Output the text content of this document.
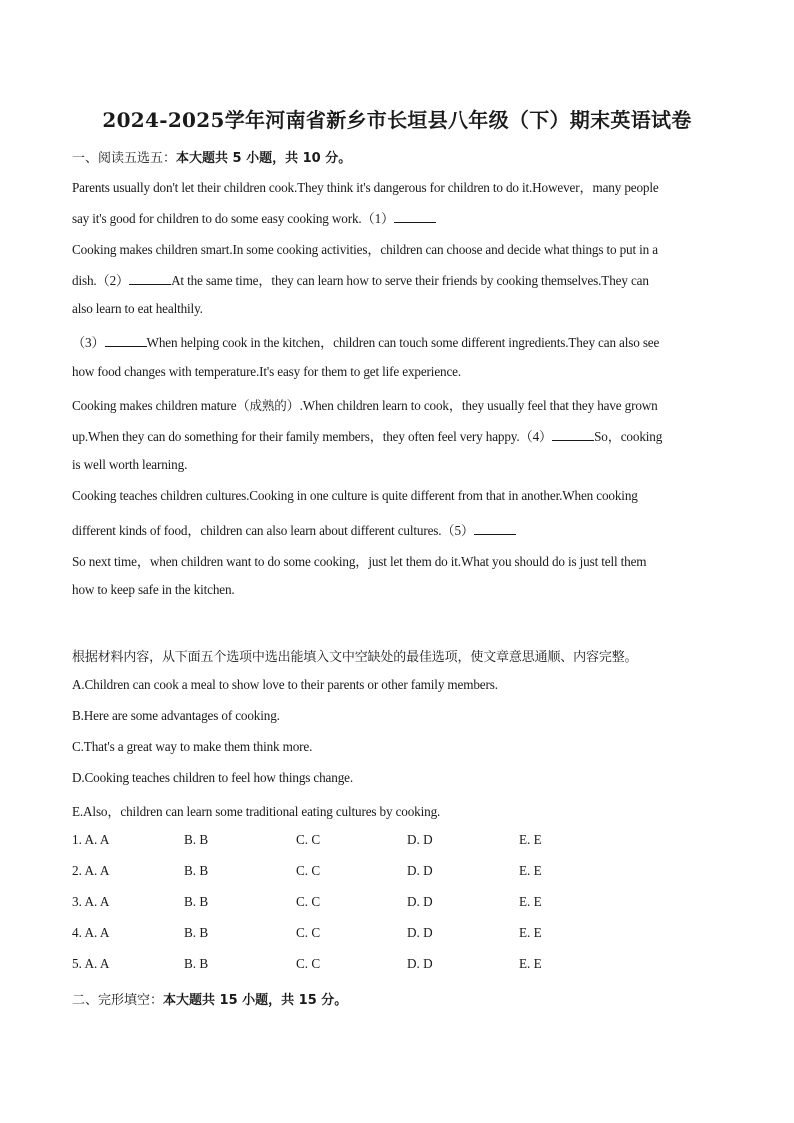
2024-2025学年河南省新乡市长垣县八年级（下）期末英语试卷
一、阅读五选五：本大题共 5 小题，共 10 分。
Parents usually don't let their children cook.They think it's dangerous for children to do it.However，many people
say it's good for children to do some easy cooking work.（1）
Cooking makes children smart.In some cooking activities，children can choose and decide what things to put in a
dish.（2）	At the same time，they can learn how to serve their friends by cooking themselves.They can
also learn to eat healthily.
（3）	When helping cook in the kitchen，children can touch some different ingredients.They can also see
how food changes with temperature.It's easy for them to get life experience.
Cooking makes children mature（成熟的）.When children learn to cook，they usually feel that they have grown
up.When they can do something for their family members，they often feel very happy.（4）	So，cooking
is well worth learning.
Cooking teaches children cultures.Cooking in one culture is quite different from that in another.When cooking
different kinds of food，children can also learn about different cultures.（5）
So next time，when children want to do some cooking，just let them do it.What you should do is just tell them
how to keep safe in the kitchen.
根据材料内容，从下面五个选项中选出能填入文中空缺处的最佳选项，使文章意思通顺、内容完整。
A.Children can cook a meal to show love to their parents or other family members.
B.Here are some advantages of cooking.
C.That's a great way to make them think more.
D.Cooking teaches children to feel how things change.
E.Also，children can learn some traditional eating cultures by cooking.
1. A. A	B. B	C. C	D. D	E. E
2. A. A	B. B	C. C	D. D	E. E
3. A. A	B. B	C. C	D. D	E. E
4. A. A	B. B	C. C	D. D	E. E
5. A. A	B. B	C. C	D. D	E. E
二、完形填空：本大题共 15 小题，共 15 分。
